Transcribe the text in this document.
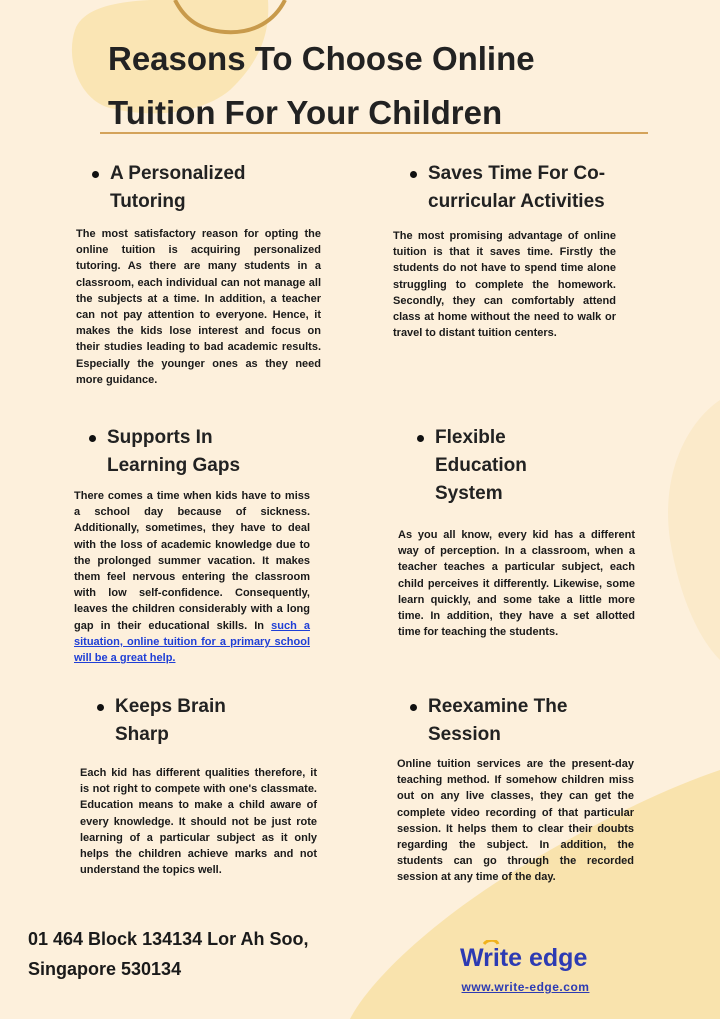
Reasons To Choose Online
Tuition For Your Children
A Personalized
Tutoring
The most satisfactory reason for opting the online tuition is acquiring personalized tutoring. As there are many students in a classroom, each individual can not manage all the subjects at a time. In addition, a teacher can not pay attention to everyone. Hence, it makes the kids lose interest and focus on their studies leading to bad academic results. Especially the younger ones as they need more guidance.
Saves Time For Co-
curricular Activities
The most promising advantage of online tuition is that it saves time. Firstly the students do not have to spend time alone struggling to complete the homework. Secondly, they can comfortably attend class at home without the need to walk or travel to distant tuition centers.
Supports In
Learning Gaps
There comes a time when kids have to miss a school day because of sickness. Additionally, sometimes, they have to deal with the loss of academic knowledge due to the prolonged summer vacation. It makes them feel nervous entering the classroom with low self-confidence. Consequently, leaves the children considerably with a long gap in their educational skills. In such a situation, online tuition for a primary school will be a great help.
Flexible
Education
System
As you all know, every kid has a different way of perception. In a classroom, when a teacher teaches a particular subject, each child perceives it differently. Likewise, some learn quickly, and some take a little more time. In addition, they have a set allotted time for teaching the students.
Keeps Brain
Sharp
Each kid has different qualities therefore, it is not right to compete with one's classmate. Education means to make a child aware of every knowledge. It should not be just rote learning of a particular subject as it only helps the children achieve marks and not understand the topics well.
Reexamine The
Session
Online tuition services are the present-day teaching method. If somehow children miss out on any live classes, they can get the complete video recording of that particular session. It helps them to clear their doubts regarding the subject. In addition, the students can go through the recorded session at any time of the day.
01 464 Block 134134 Lor Ah Soo,
Singapore 530134	Write edge
www.write-edge.com
